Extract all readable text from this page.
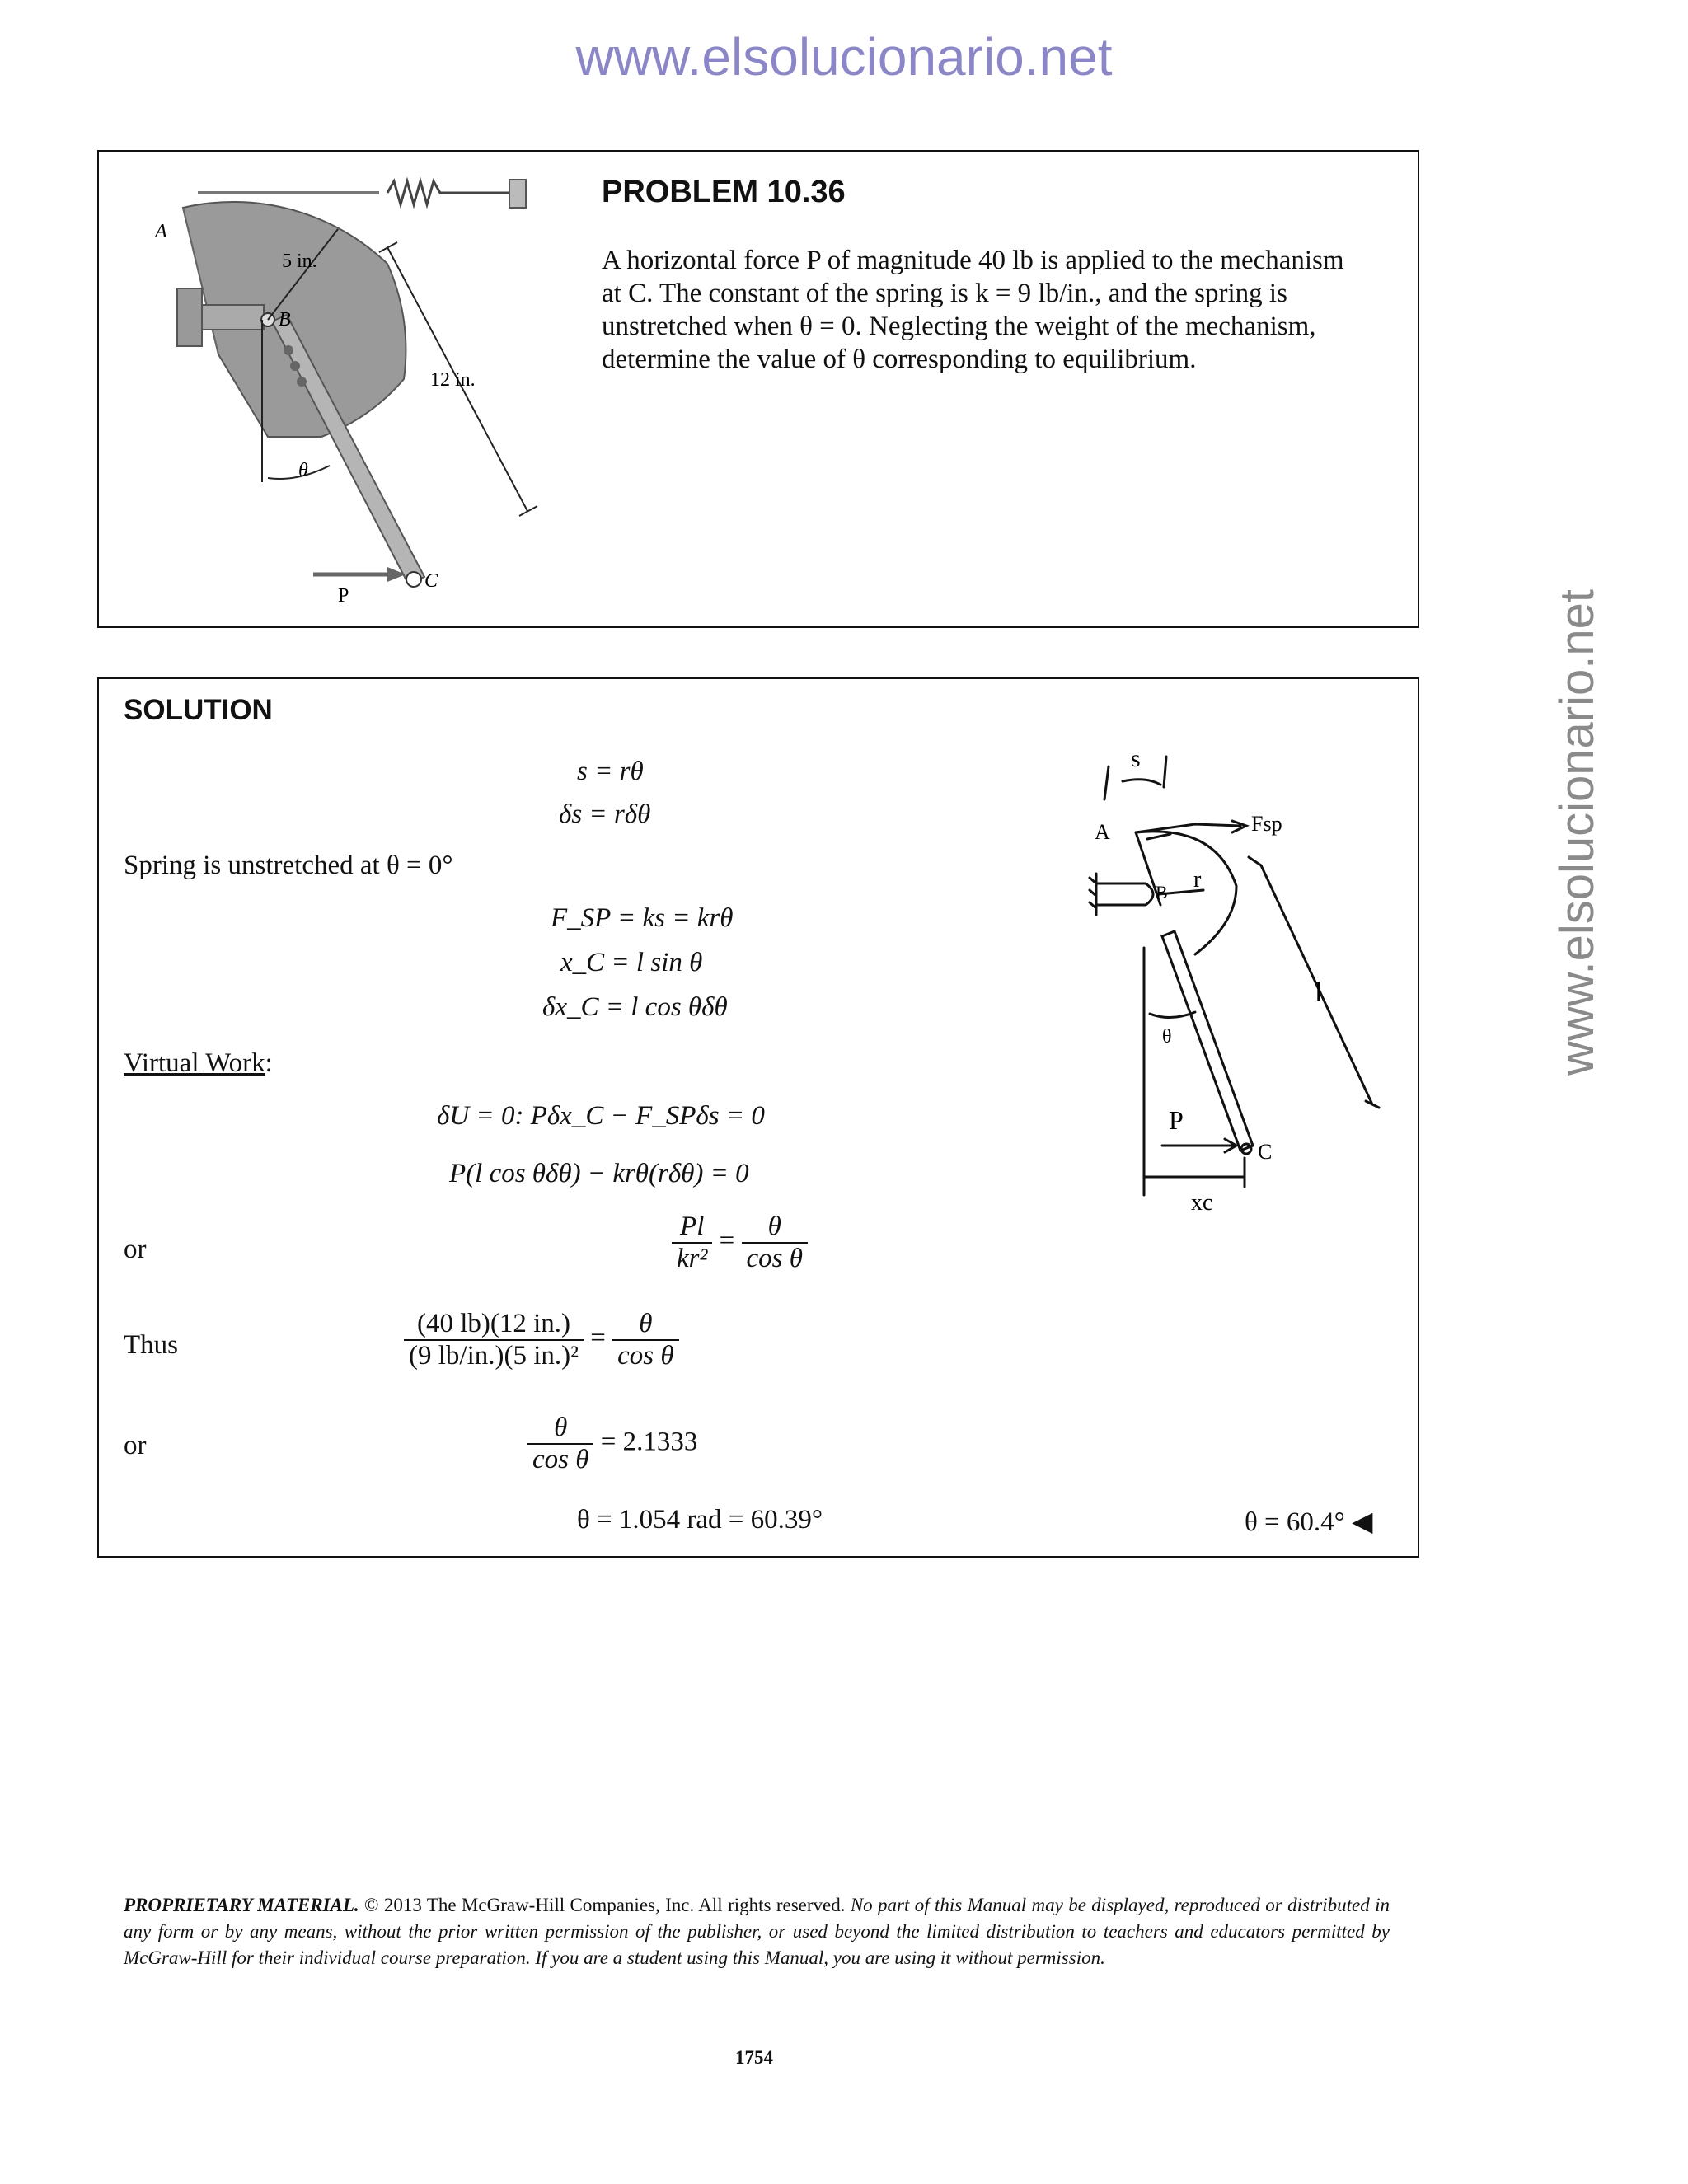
www.elsolucionario.net
www.elsolucionario.net
A
B
C
P
5 in.
12 in.
θ
PROBLEM 10.36
A horizontal force P of magnitude 40 lb is applied to the mechanism
at C. The constant of the spring is k = 9 lb/in., and the spring is
unstretched when θ = 0. Neglecting the weight of the mechanism,
determine the value of θ corresponding to equilibrium.
SOLUTION
s = rθ
δs = rδθ
Spring is unstretched at θ = 0°
F_SP = ks = krθ
x_C = l sin θ
δx_C = l cos θδθ
Virtual Work:
δU = 0: Pδx_C − F_SPδs = 0
P(l cos θδθ) − krθ(rδθ) = 0
or	$\frac{Pl}{\text{kr²}} = \frac{\theta}{\text{cos θ}}$
Thus	$\frac{(40 lb)(12 in.)}{\text{(9 lb/in.)(5 in.)²}} = \frac{\theta}{\text{cos θ}}$
or	$\frac{\theta}{\text{cos θ}} = 2.1333$
θ = 1.054 rad = 60.39°	θ = 60.4° ◀
s
A	Fsp
B r
l
θ
P
C
xc
PROPRIETARY MATERIAL. © 2013 The McGraw-Hill Companies, Inc. All rights reserved. No part of this Manual may be displayed, reproduced or distributed in any form or by any means, without the prior written permission of the publisher, or used beyond the limited distribution to teachers and educators permitted by McGraw-Hill for their individual course preparation. If you are a student using this Manual, you are using it without permission.
1754
